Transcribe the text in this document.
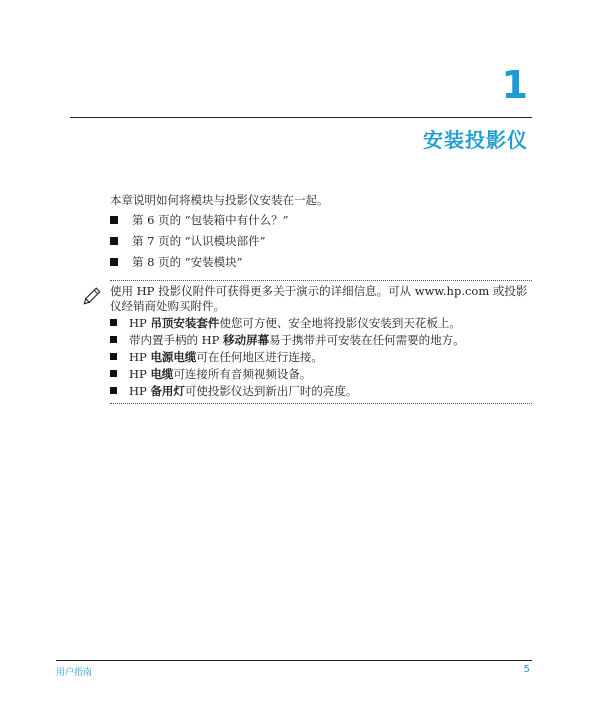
1
安装投影仪
本章说明如何将模块与投影仪安装在一起。
第 6 页的 “包装箱中有什么？”
第 7 页的 “认识模块部件”
第 8 页的 “安装模块”
使用 HP 投影仪附件可获得更多关于演示的详细信息。可从 www.hp.com 或投影仪经销商处购买附件。
HP 吊顶安装套件使您可方便、安全地将投影仪安装到天花板上。
带内置手柄的 HP 移动屏幕易于携带并可安装在任何需要的地方。
HP 电源电缆可在任何地区进行连接。
HP 电缆可连接所有音频视频设备。
HP 备用灯可使投影仪达到新出厂时的亮度。
用户指南	5
